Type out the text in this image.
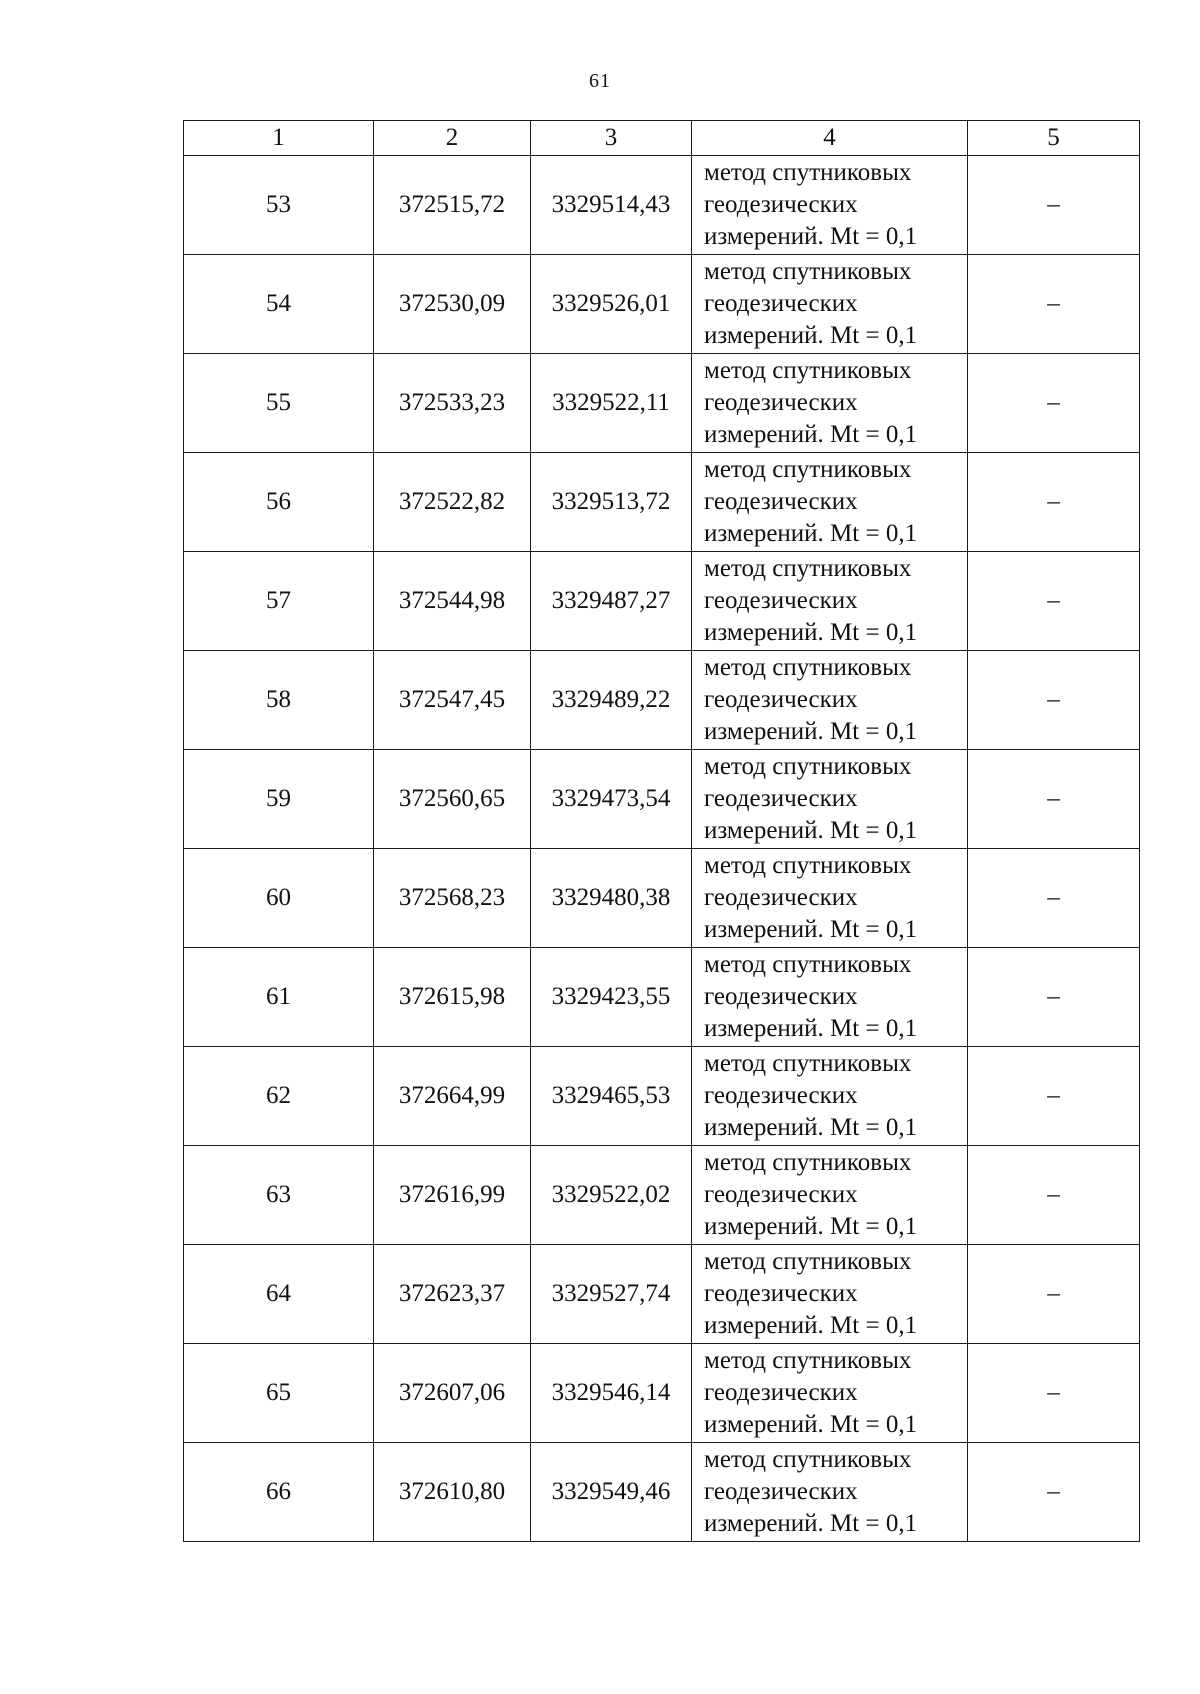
61
1	2	3	4	5
53	372515,72	3329514,43	метод спутниковых
геодезических
измерений. Mt = 0,1	–
54	372530,09	3329526,01	метод спутниковых
геодезических
измерений. Mt = 0,1	–
55	372533,23	3329522,11	метод спутниковых
геодезических
измерений. Mt = 0,1	–
56	372522,82	3329513,72	метод спутниковых
геодезических
измерений. Mt = 0,1	–
57	372544,98	3329487,27	метод спутниковых
геодезических
измерений. Mt = 0,1	–
58	372547,45	3329489,22	метод спутниковых
геодезических
измерений. Mt = 0,1	–
59	372560,65	3329473,54	метод спутниковых
геодезических
измерений. Mt = 0,1	–
60	372568,23	3329480,38	метод спутниковых
геодезических
измерений. Mt = 0,1	–
61	372615,98	3329423,55	метод спутниковых
геодезических
измерений. Mt = 0,1	–
62	372664,99	3329465,53	метод спутниковых
геодезических
измерений. Mt = 0,1	–
63	372616,99	3329522,02	метод спутниковых
геодезических
измерений. Mt = 0,1	–
64	372623,37	3329527,74	метод спутниковых
геодезических
измерений. Mt = 0,1	–
65	372607,06	3329546,14	метод спутниковых
геодезических
измерений. Mt = 0,1	–
66	372610,80	3329549,46	метод спутниковых
геодезических
измерений. Mt = 0,1	–
